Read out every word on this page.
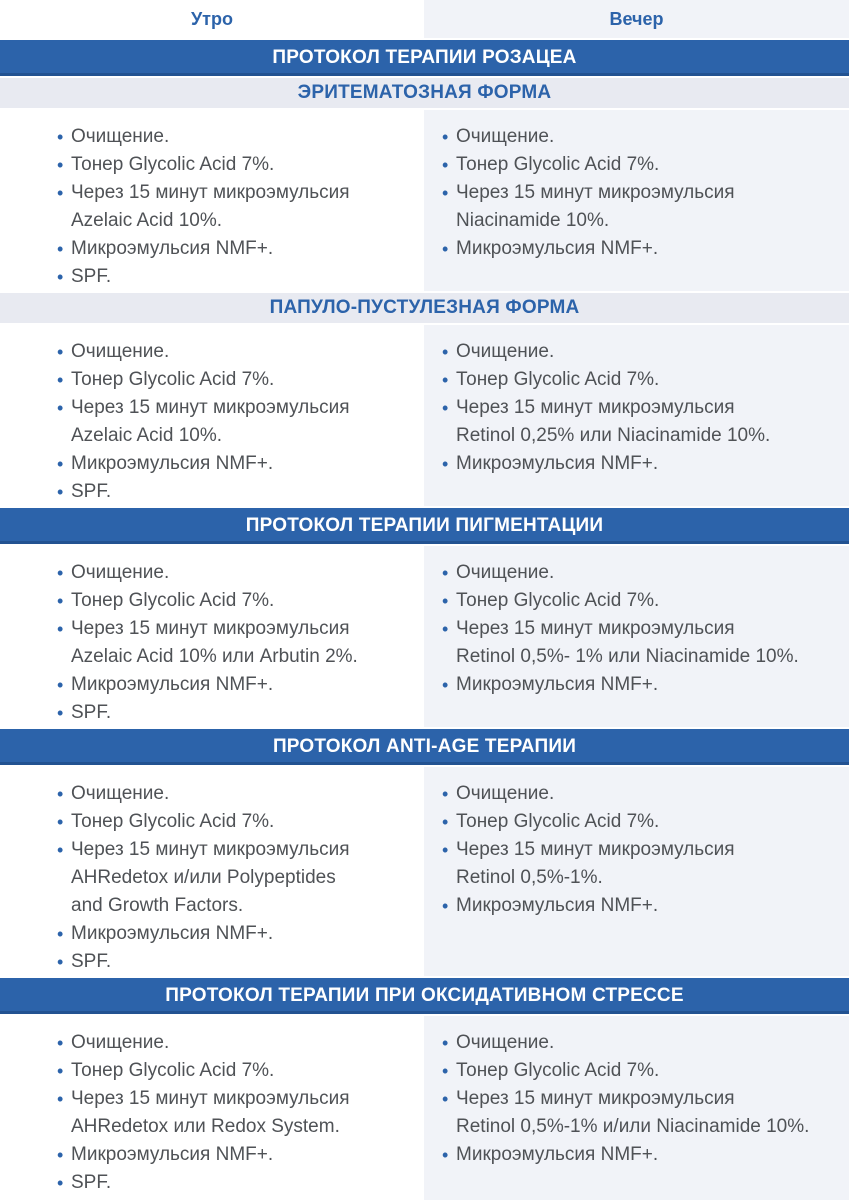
Утро	Вечер
ПРОТОКОЛ ТЕРАПИИ РОЗАЦЕА
ЭРИТЕМАТОЗНАЯ ФОРМА
• Очищение.
• Тонер Glycolic Acid 7%.
• Через 15 минут микроэмульсия
Azelaic Acid 10%.
• Микроэмульсия NMF+.
• SPF.
• Очищение.
• Тонер Glycolic Acid 7%.
• Через 15 минут микроэмульсия
Niacinamide 10%.
• Микроэмульсия NMF+.
ПАПУЛО-ПУСТУЛЕЗНАЯ ФОРМА
• Очищение.
• Тонер Glycolic Acid 7%.
• Через 15 минут микроэмульсия
Azelaic Acid 10%.
• Микроэмульсия NMF+.
• SPF.
• Очищение.
• Тонер Glycolic Acid 7%.
• Через 15 минут микроэмульсия
Retinol 0,25% или Niacinamide 10%.
• Микроэмульсия NMF+.
ПРОТОКОЛ ТЕРАПИИ ПИГМЕНТАЦИИ
• Очищение.
• Тонер Glycolic Acid 7%.
• Через 15 минут микроэмульсия
Azelaic Acid 10% или Arbutin 2%.
• Микроэмульсия NMF+.
• SPF.
• Очищение.
• Тонер Glycolic Acid 7%.
• Через 15 минут микроэмульсия
Retinol 0,5%- 1% или Niacinamide 10%.
• Микроэмульсия NMF+.
ПРОТОКОЛ ANTI-AGE ТЕРАПИИ
• Очищение.
• Тонер Glycolic Acid 7%.
• Через 15 минут микроэмульсия
AHRedetox и/или Polypeptides
and Growth Factors.
• Микроэмульсия NMF+.
• SPF.
• Очищение.
• Тонер Glycolic Acid 7%.
• Через 15 минут микроэмульсия
Retinol 0,5%-1%.
• Микроэмульсия NMF+.
ПРОТОКОЛ ТЕРАПИИ ПРИ ОКСИДАТИВНОМ СТРЕССЕ
• Очищение.
• Тонер Glycolic Acid 7%.
• Через 15 минут микроэмульсия
AHRedetox или Redox System.
• Микроэмульсия NMF+.
• SPF.
• Очищение.
• Тонер Glycolic Acid 7%.
• Через 15 минут микроэмульсия
Retinol 0,5%-1% и/или Niacinamide 10%.
• Микроэмульсия NMF+.
